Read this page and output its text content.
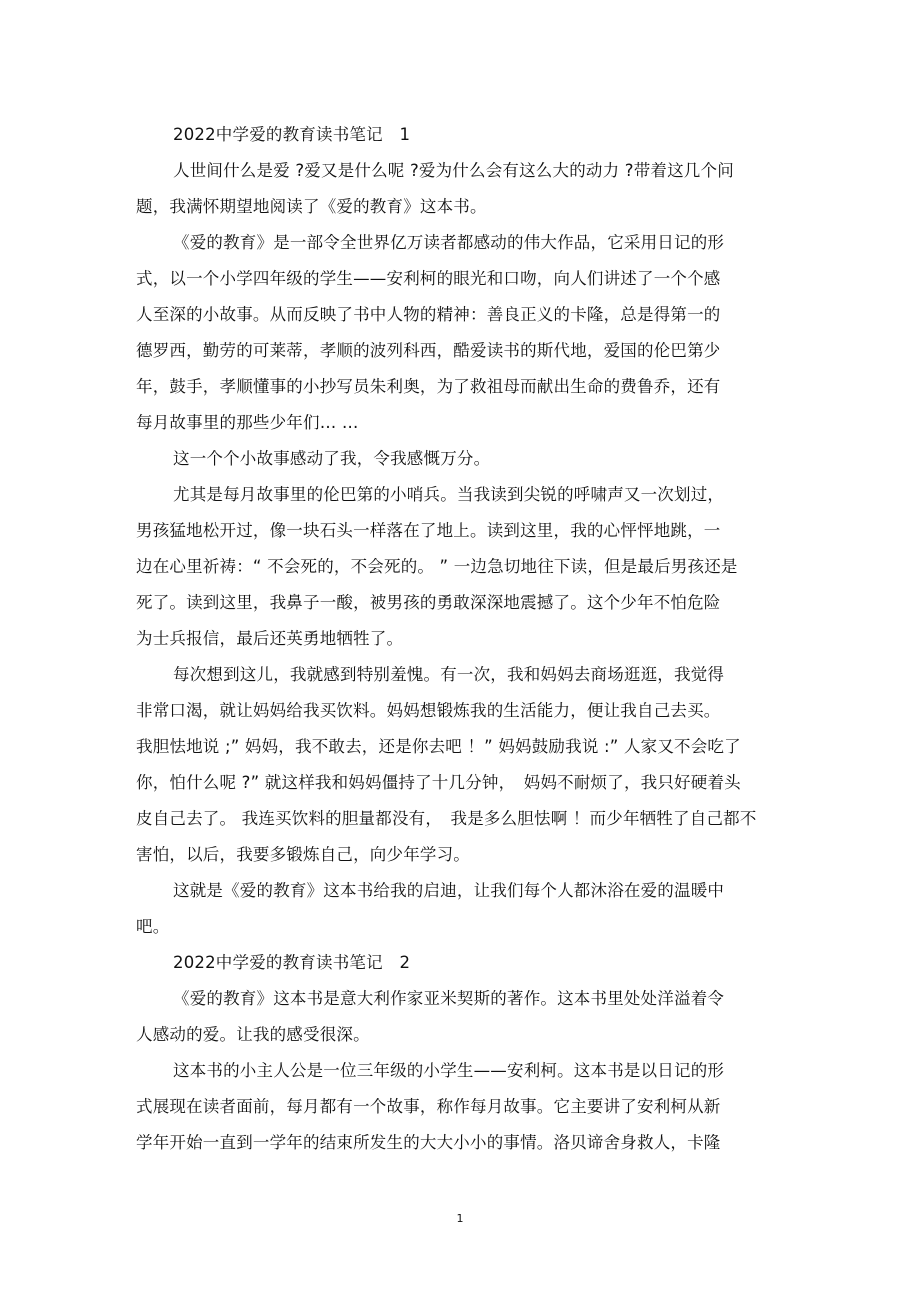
2022中学爱的教育读书笔记　1
人世间什么是爱 ?爱又是什么呢 ?爱为什么会有这么大的动力 ?带着这几个问
题，我满怀期望地阅读了《爱的教育》这本书。
《爱的教育》是一部令全世界亿万读者都感动的伟大作品，它采用日记的形
式，以一个小学四年级的学生——安利柯的眼光和口吻，向人们讲述了一个个感
人至深的小故事。从而反映了书中人物的精神：善良正义的卡隆，总是得第一的
德罗西，勤劳的可莱蒂，孝顺的波列科西，酷爱读书的斯代地，爱国的伦巴第少
年，鼓手，孝顺懂事的小抄写员朱利奥，为了救祖母而献出生命的费鲁乔，还有
每月故事里的那些少年们… …
这一个个小故事感动了我，令我感慨万分。
尤其是每月故事里的伦巴第的小哨兵。当我读到尖锐的呼啸声又一次划过，
男孩猛地松开过，像一块石头一样落在了地上。读到这里，我的心怦怦地跳，一
边在心里祈祷：“ 不会死的，不会死的。 ” 一边急切地往下读，但是最后男孩还是
死了。读到这里，我鼻子一酸，被男孩的勇敢深深地震撼了。这个少年不怕危险
为士兵报信，最后还英勇地牺牲了。
每次想到这儿，我就感到特别羞愧。有一次，我和妈妈去商场逛逛，我觉得
非常口渴，就让妈妈给我买饮料。妈妈想锻炼我的生活能力，便让我自己去买。
我胆怯地说 ;” 妈妈，我不敢去，还是你去吧 ！” 妈妈鼓励我说 :” 人家又不会吃了
你，怕什么呢 ?” 就这样我和妈妈僵持了十几分钟，　妈妈不耐烦了，我只好硬着头
皮自己去了。 我连买饮料的胆量都没有，　我是多么胆怯啊 ！而少年牺牲了自己都不
害怕，以后，我要多锻炼自己，向少年学习。
这就是《爱的教育》这本书给我的启迪，让我们每个人都沐浴在爱的温暖中
吧。
2022中学爱的教育读书笔记　2
《爱的教育》这本书是意大利作家亚米契斯的著作。这本书里处处洋溢着令
人感动的爱。让我的感受很深。
这本书的小主人公是一位三年级的小学生——安利柯。这本书是以日记的形
式展现在读者面前，每月都有一个故事，称作每月故事。它主要讲了安利柯从新
学年开始一直到一学年的结束所发生的大大小小的事情。洛贝谛舍身救人，卡隆
1
